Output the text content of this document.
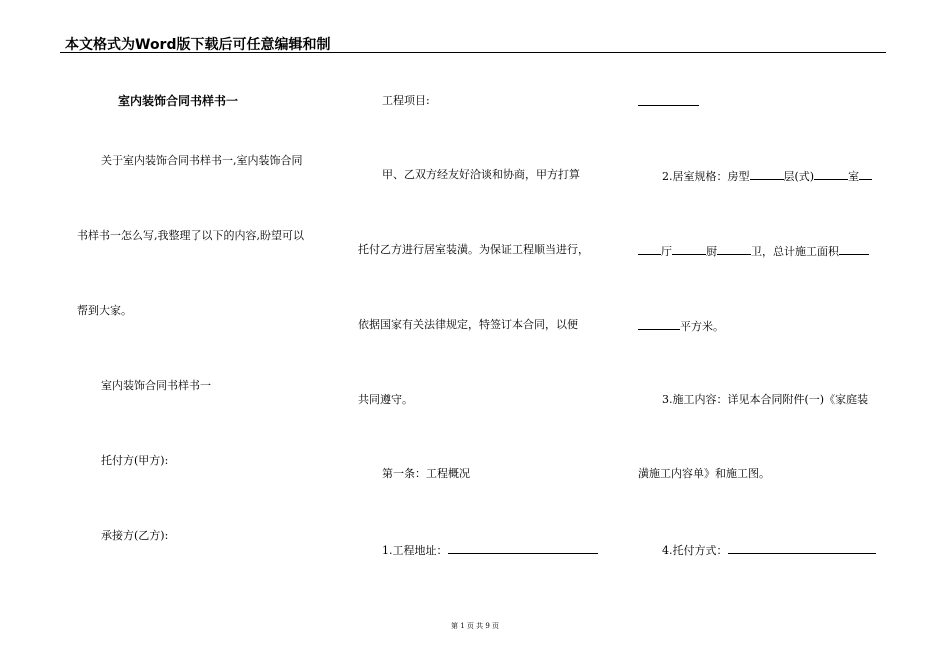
本文格式为Word版下载后可任意编辑和制
室内装饰合同书样书一
关于室内装饰合同书样书一,室内装饰合同
书样书一怎么写,我整理了以下的内容,盼望可以
帮到大家。
室内装饰合同书样书一
托付方(甲方):
承接方(乙方):
工程项目:
甲、乙双方经友好洽谈和协商，甲方打算
托付乙方进行居室装潢。为保证工程顺当进行，
依据国家有关法律规定，特签订本合同，以便
共同遵守。
第一条：工程概况
1.工程地址：
2.居室规格：房型	层(式)	室
厅	厨	卫，总计施工面积
平方米。
3.施工内容：详见本合同附件(一)《家庭装
潢施工内容单》和施工图。
4.托付方式：
第 1 页 共 9 页
